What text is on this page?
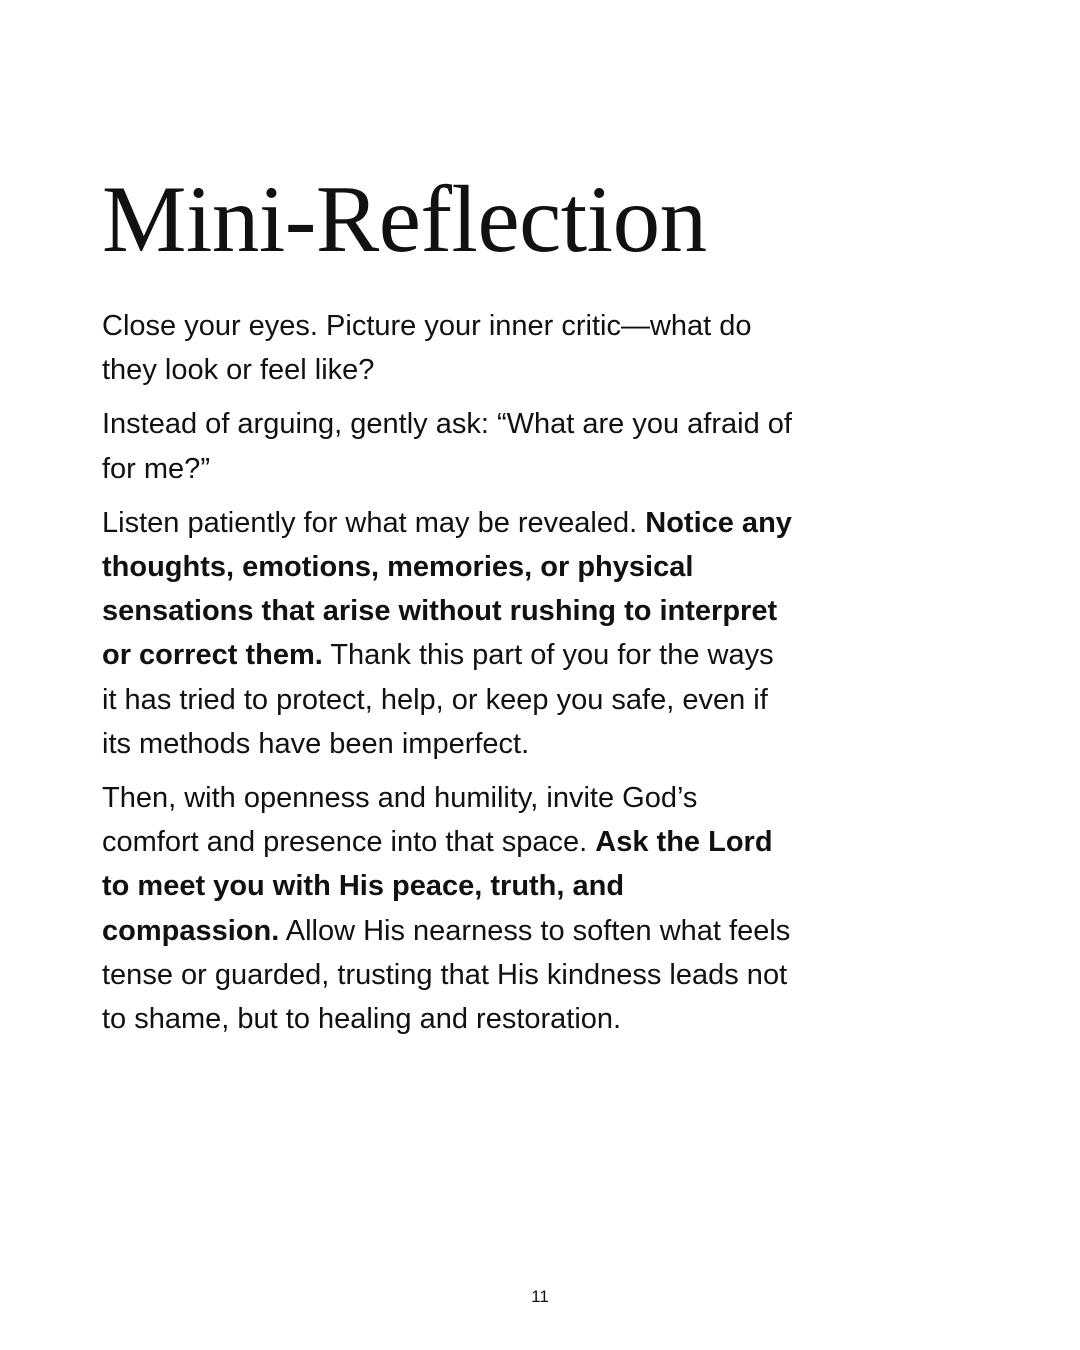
Mini-Reflection

Close your eyes. Picture your inner critic—what do they look or feel like?

Instead of arguing, gently ask: “What are you afraid of for me?”

Listen patiently for what may be revealed. Notice any thoughts, emotions, memories, or physical sensations that arise without rushing to interpret or correct them. Thank this part of you for the ways it has tried to protect, help, or keep you safe, even if its methods have been imperfect.

Then, with openness and humility, invite God’s comfort and presence into that space. Ask the Lord to meet you with His peace, truth, and compassion. Allow His nearness to soften what feels tense or guarded, trusting that His kindness leads not to shame, but to healing and restoration.

11
